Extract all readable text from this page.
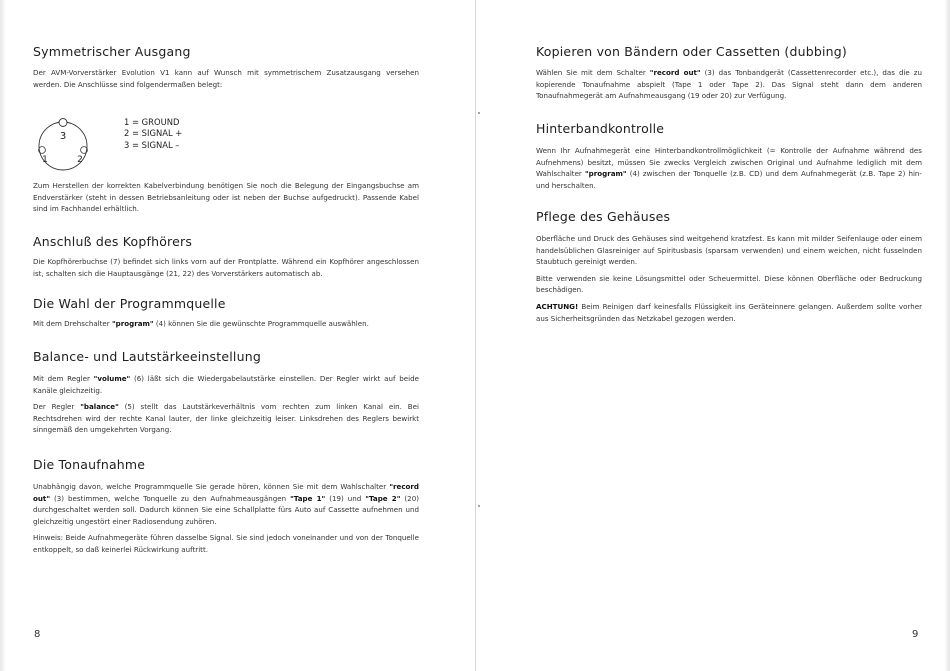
Symmetrischer Ausgang

Der AVM-Vorverstärker Evolution V1 kann auf Wunsch mit symmetrischem Zusatzausgang versehen werden. Die Anschlüsse sind folgendermaßen belegt:

3
1	2
1 = GROUND
2 = SIGNAL +
3 = SIGNAL –

Zum Herstellen der korrekten Kabelverbindung benötigen Sie noch die Belegung der Eingangsbuchse am Endverstärker (steht in dessen Betriebsanleitung oder ist neben der Buchse aufgedruckt). Passende Kabel sind im Fachhandel erhältlich.

Anschluß des Kopfhörers

Die Kopfhörerbuchse (7) befindet sich links vorn auf der Frontplatte. Während ein Kopfhörer angeschlossen ist, schalten sich die Hauptausgänge (21, 22) des Vorverstärkers automatisch ab.

Die Wahl der Programmquelle

Mit dem Drehschalter "program" (4) können Sie die gewünschte Programmquelle auswählen.

Balance- und Lautstärkeeinstellung

Mit dem Regler "volume" (6) läßt sich die Wiedergabelautstärke einstellen. Der Regler wirkt auf beide Kanäle gleichzeitig.

Der Regler "balance" (5) stellt das Lautstärkeverhältnis vom rechten zum linken Kanal ein. Bei Rechtsdrehen wird der rechte Kanal lauter, der linke gleichzeitig leiser. Linksdrehen des Reglers bewirkt sinngemäß den umgekehrten Vorgang.

Die Tonaufnahme

Unabhängig davon, welche Programmquelle Sie gerade hören, können Sie mit dem Wahlschalter "record out" (3) bestimmen, welche Tonquelle zu den Aufnahmeausgängen "Tape 1" (19) und "Tape 2" (20) durchgeschaltet werden soll. Dadurch können Sie eine Schallplatte fürs Auto auf Cassette aufnehmen und gleichzeitig ungestört einer Radiosendung zuhören.

Hinweis: Beide Aufnahmegeräte führen dasselbe Signal. Sie sind jedoch voneinander und von der Tonquelle entkoppelt, so daß keinerlei Rückwirkung auftritt.

8
Kopieren von Bändern oder Cassetten (dubbing)

Wählen Sie mit dem Schalter "record out" (3) das Tonbandgerät (Cassettenrecorder etc.), das die zu kopierende Tonaufnahme abspielt (Tape 1 oder Tape 2). Das Signal steht dann dem anderen Tonaufnahmegerät am Aufnahmeausgang (19 oder 20) zur Verfügung.

Hinterbandkontrolle

Wenn Ihr Aufnahmegerät eine Hinterbandkontrollmöglichkeit (= Kontrolle der Aufnahme während des Aufnehmens) besitzt, müssen Sie zwecks Vergleich zwischen Original und Aufnahme lediglich mit dem Wahlschalter "program" (4) zwischen der Tonquelle (z.B. CD) und dem Aufnahmegerät (z.B. Tape 2) hin- und herschalten.

Pflege des Gehäuses

Oberfläche und Druck des Gehäuses sind weitgehend kratzfest. Es kann mit milder Seifenlauge oder einem handelsüblichen Glasreiniger auf Spiritusbasis (sparsam verwenden) und einem weichen, nicht fusselnden Staubtuch gereinigt werden.

Bitte verwenden sie keine Lösungsmittel oder Scheuermittel. Diese können Oberfläche oder Bedruckung beschädigen.

ACHTUNG! Beim Reinigen darf keinesfalls Flüssigkeit ins Geräteinnere gelangen. Außerdem sollte vorher aus Sicherheitsgründen das Netzkabel gezogen werden.

9
